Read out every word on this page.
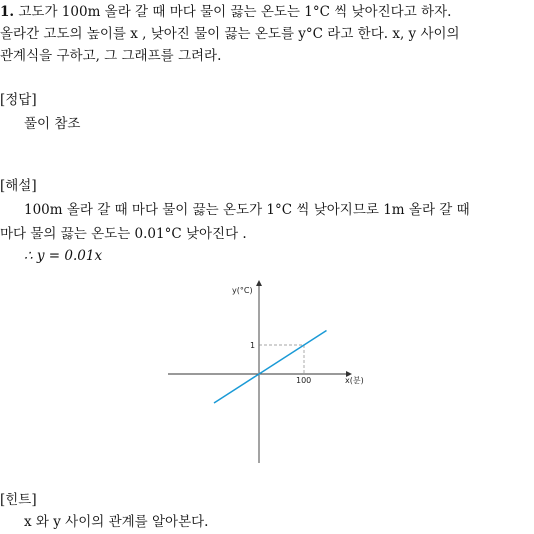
1. 고도가 100m 올라 갈 때 마다 물이 끓는 온도는 1°C 씩 낮아진다고 하자.
올라간 고도의 높이를 x , 낮아진 물이 끓는 온도를 y°C 라고 한다. x, y 사이의
관계식을 구하고, 그 그래프를 그려라.
[정답]
풀이 참조
[해설]
100m 올라 갈 때 마다 물이 끓는 온도가 1°C 씩 낮아지므로 1m 올라 갈 때
마다 물의 끓는 온도는 0.01°C 낮아진다 .
∴ y = 0.01x
y(°C)
x(분)
100
1
[힌트]
x 와 y 사이의 관계를 알아본다.
